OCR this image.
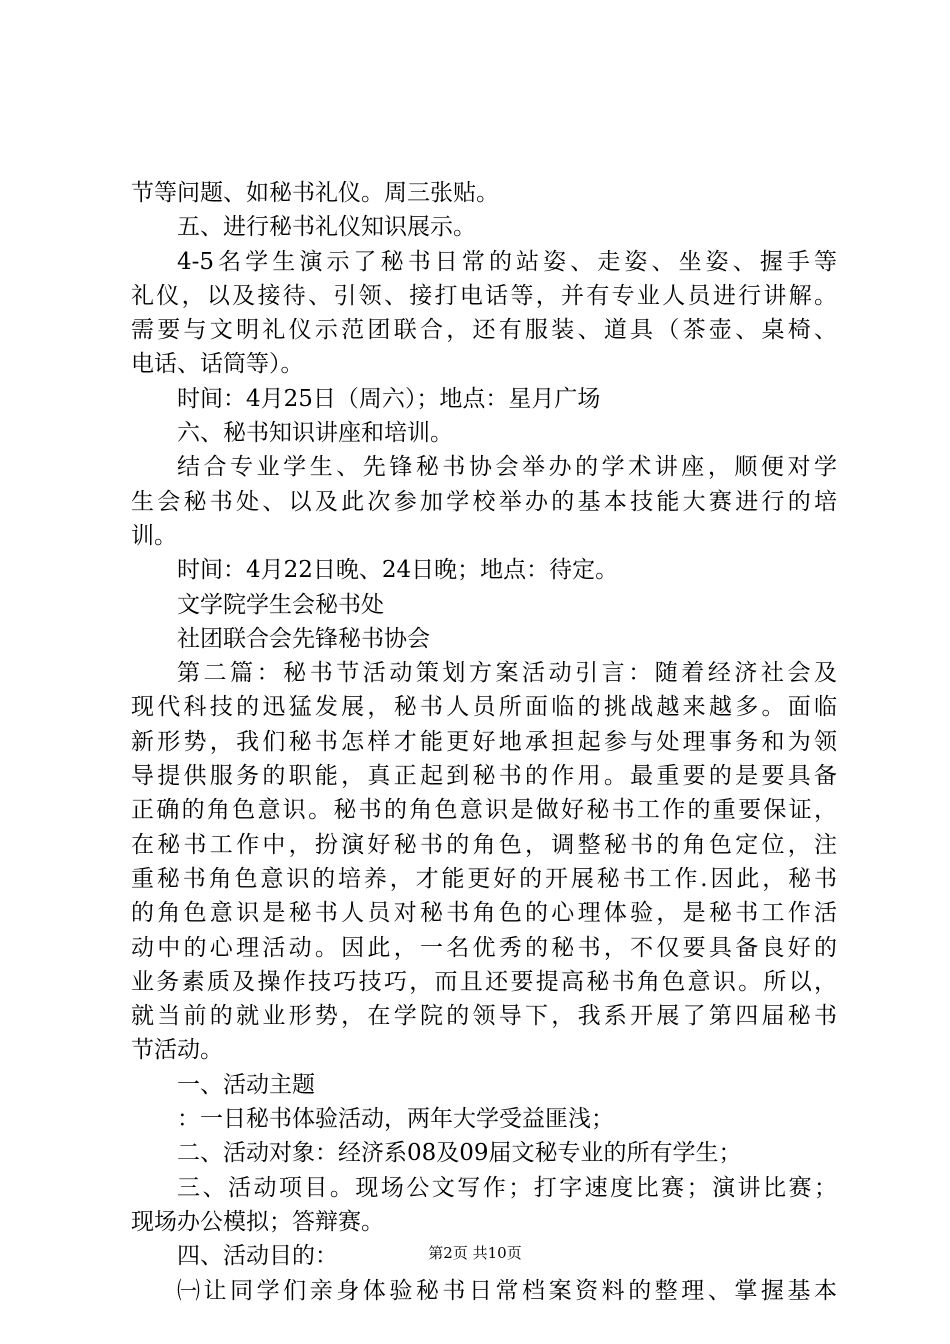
节等问题、如秘书礼仪。周三张贴。
五、进行秘书礼仪知识展示。
4-5名学生演示了秘书日常的站姿、走姿、坐姿、握手等
礼仪，以及接待、引领、接打电话等，并有专业人员进行讲解。
需要与文明礼仪示范团联合，还有服装、道具（茶壶、桌椅、
电话、话筒等）。
时间：4月25日（周六）；地点：星月广场
六、秘书知识讲座和培训。
结合专业学生、先锋秘书协会举办的学术讲座，顺便对学
生会秘书处、以及此次参加学校举办的基本技能大赛进行的培
训。
时间：4月22日晚、24日晚；地点：待定。
文学院学生会秘书处
社团联合会先锋秘书协会
第二篇：秘书节活动策划方案活动引言：随着经济社会及
现代科技的迅猛发展，秘书人员所面临的挑战越来越多。面临
新形势，我们秘书怎样才能更好地承担起参与处理事务和为领
导提供服务的职能，真正起到秘书的作用。最重要的是要具备
正确的角色意识。秘书的角色意识是做好秘书工作的重要保证，
在秘书工作中，扮演好秘书的角色，调整秘书的角色定位，注
重秘书角色意识的培养，才能更好的开展秘书工作.因此，秘书
的角色意识是秘书人员对秘书角色的心理体验，是秘书工作活
动中的心理活动。因此，一名优秀的秘书，不仅要具备良好的
业务素质及操作技巧技巧，而且还要提高秘书角色意识。所以，
就当前的就业形势，在学院的领导下，我系开展了第四届秘书
节活动。
一、活动主题
：一日秘书体验活动，两年大学受益匪浅；
二、活动对象：经济系08及09届文秘专业的所有学生；
三、活动项目。现场公文写作；打字速度比赛；演讲比赛；
现场办公模拟；答辩赛。
四、活动目的：
㈠让同学们亲身体验秘书日常档案资料的整理、掌握基本
第2页 共10页
